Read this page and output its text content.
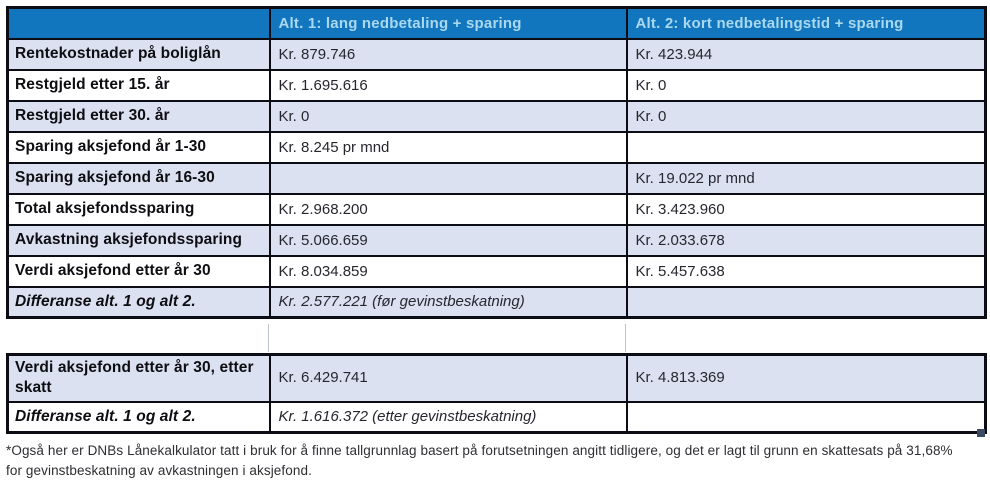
	Alt. 1: lang nedbetaling + sparing	Alt. 2: kort nedbetalingstid + sparing
Rentekostnader på boliglån	Kr. 879.746	Kr. 423.944
Restgjeld etter 15. år	Kr. 1.695.616	Kr. 0
Restgjeld etter 30. år	Kr. 0	Kr. 0
Sparing aksjefond år 1-30	Kr. 8.245 pr mnd	
Sparing aksjefond år 16-30		Kr. 19.022 pr mnd
Total aksjefondssparing	Kr. 2.968.200	Kr. 3.423.960
Avkastning aksjefondssparing	Kr. 5.066.659	Kr. 2.033.678
Verdi aksjefond etter år 30	Kr. 8.034.859	Kr. 5.457.638
Differanse alt. 1 og alt 2.	Kr. 2.577.221 (før gevinstbeskatning)	
Verdi aksjefond etter år 30, etter skatt	Kr. 6.429.741	Kr. 4.813.369
Differanse alt. 1 og alt 2.	Kr. 1.616.372 (etter gevinstbeskatning)	
*Også her er DNBs Lånekalkulator tatt i bruk for å finne tallgrunnlag basert på forutsetningen angitt tidligere, og det er lagt til grunn en skattesats på 31,68%
for gevinstbeskatning av avkastningen i aksjefond.
